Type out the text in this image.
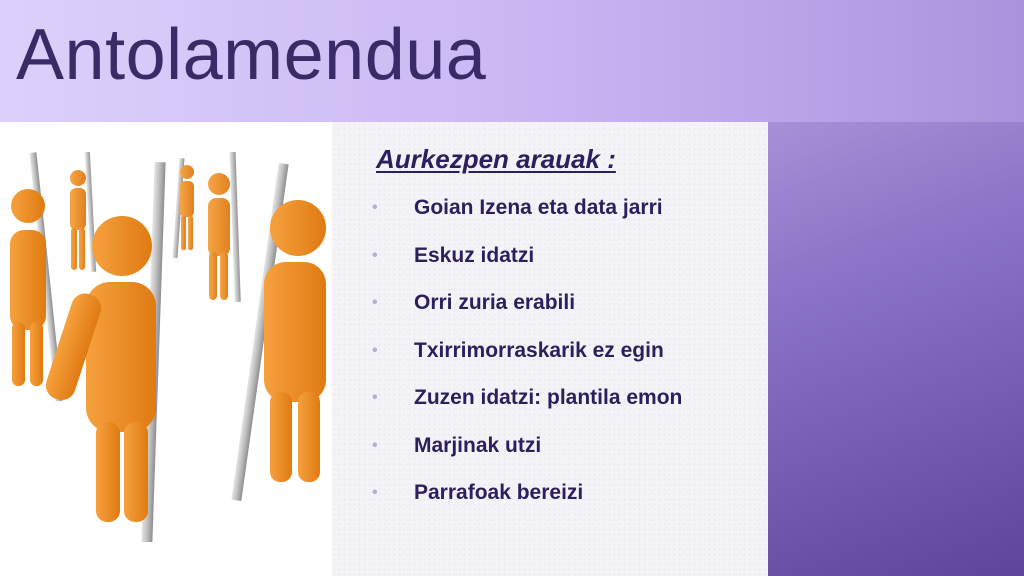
Antolamendua
Aurkezpen arauak :
•	Goian Izena eta data jarri
•	Eskuz idatzi
•	Orri zuria erabili
•	Txirrimorraskarik ez egin
•	Zuzen idatzi: plantila emon
•	Marjinak utzi
•	Parrafoak bereizi
